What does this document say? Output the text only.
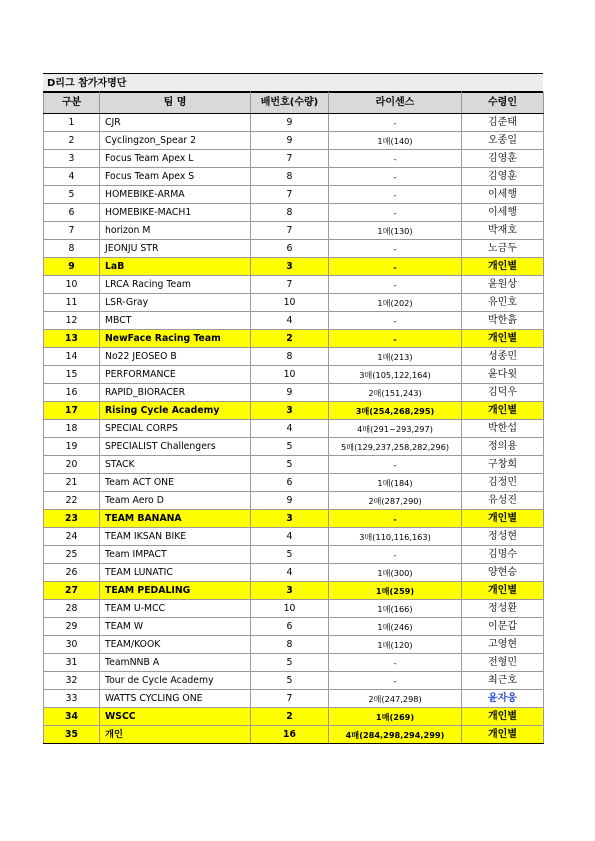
D리그 참가자명단
구분	팀 명	배번호(수량)	라이센스	수령인
1	CJR	9	-	김준태
2	Cyclingzon_Spear 2	9	1매(140)	오종일
3	Focus Team Apex L	7	-	김영훈
4	Focus Team Apex S	8	-	김영훈
5	HOMEBIKE-ARMA	7	-	이세행
6	HOMEBIKE-MACH1	8	-	이세행
7	horizon M	7	1매(130)	박재호
8	JEONJU STR	6	-	노금두
9	LaB	3	-	개인별
10	LRCA Racing Team	7	-	윤원상
11	LSR-Gray	10	1매(202)	유민호
12	MBCT	4	-	박한흙
13	NewFace Racing Team	2	-	개인별
14	No22 JEOSEO B	8	1매(213)	성종민
15	PERFORMANCE	10	3매(105,122,164)	윤다윗
16	RAPID_BIORACER	9	2매(151,243)	김덕우
17	Rising Cycle Academy	3	3매(254,268,295)	개인별
18	SPECIAL CORPS	4	4매(291~293,297)	박한섭
19	SPECIALIST Challengers	5	5매(129,237,258,282,296)	정의용
20	STACK	5	-	구창희
21	Team ACT ONE	6	1매(184)	김정민
22	Team Aero D	9	2매(287,290)	유성진
23	TEAM BANANA	3	-	개인별
24	TEAM IKSAN BIKE	4	3매(110,116,163)	정성현
25	Team IMPACT	5	-	김명수
26	TEAM LUNATIC	4	1매(300)	양현승
27	TEAM PEDALING	3	1매(259)	개인별
28	TEAM U-MCC	10	1매(166)	정성환
29	TEAM W	6	1매(246)	이문갑
30	TEAM/KOOK	8	1매(120)	고영현
31	TeamNNB A	5	-	전형민
32	Tour de Cycle Academy	5	-	최근호
33	WATTS CYCLING ONE	7	2매(247,298)	윤자웅
34	WSCC	2	1매(269)	개인별
35	개인	16	4매(284,298,294,299)	개인별
